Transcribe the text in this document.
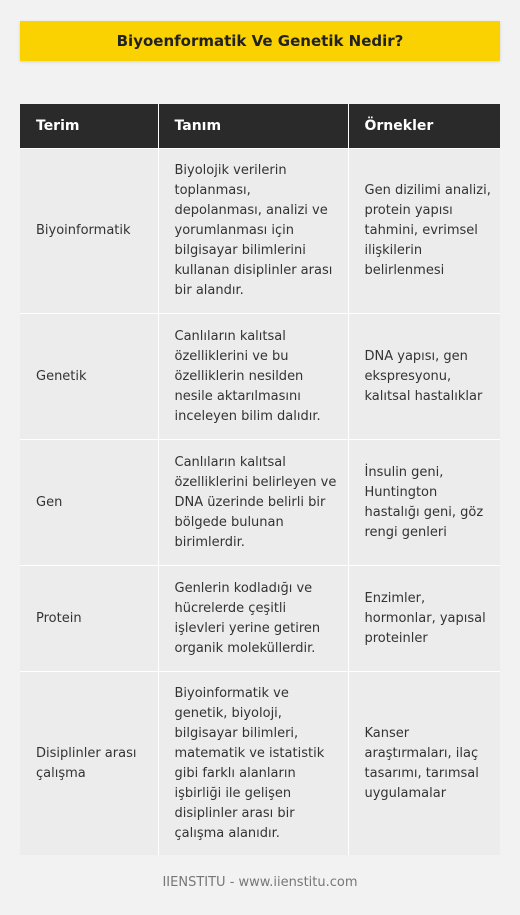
Biyoenformatik Ve Genetik Nedir?
Terim	Tanım	Örnekler
Biyoinformatik	Biyolojik verilerin toplanması, depolanması, analizi ve yorumlanması için bilgisayar bilimlerini kullanan disiplinler arası bir alandır.	Gen dizilimi analizi, protein yapısı tahmini, evrimsel ilişkilerin belirlenmesi
Genetik	Canlıların kalıtsal özelliklerini ve bu özelliklerin nesilden nesile aktarılmasını inceleyen bilim dalıdır.	DNA yapısı, gen ekspresyonu, kalıtsal hastalıklar
Gen	Canlıların kalıtsal özelliklerini belirleyen ve DNA üzerinde belirli bir bölgede bulunan birimlerdir.	İnsulin geni, Huntington hastalığı geni, göz rengi genleri
Protein	Genlerin kodladığı ve hücrelerde çeşitli işlevleri yerine getiren organik moleküllerdir.	Enzimler, hormonlar, yapısal proteinler
Disiplinler arası çalışma	Biyoinformatik ve genetik, biyoloji, bilgisayar bilimleri, matematik ve istatistik gibi farklı alanların işbirliği ile gelişen disiplinler arası bir çalışma alanıdır.	Kanser araştırmaları, ilaç tasarımı, tarımsal uygulamalar
IIENSTITU - www.iienstitu.com
